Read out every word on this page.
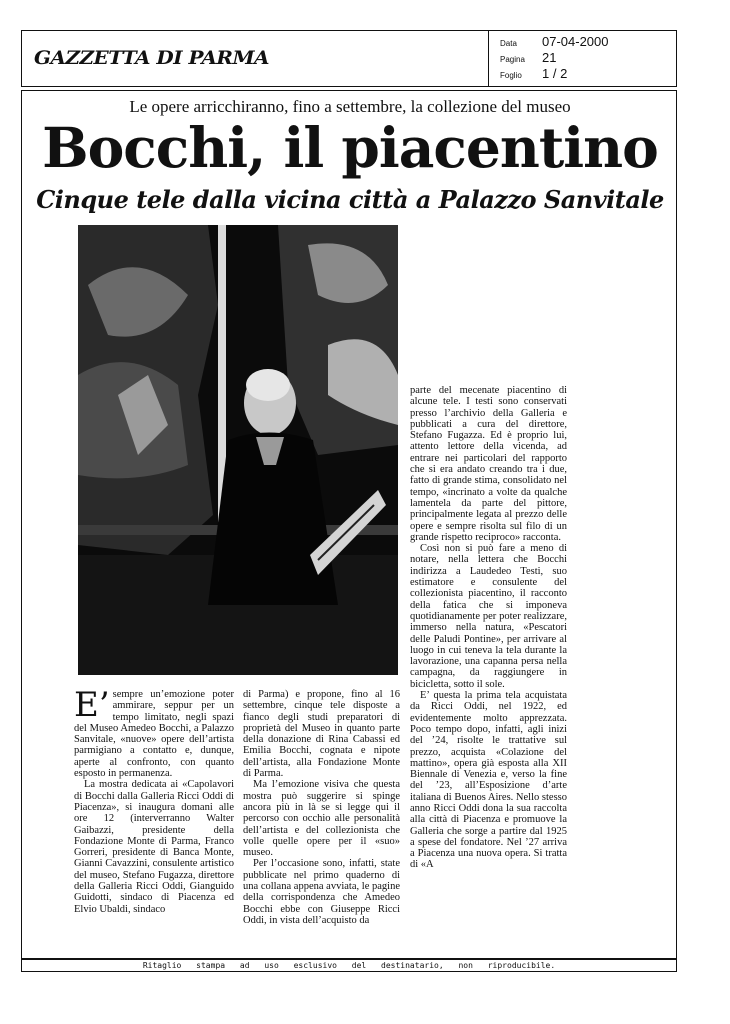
GAZZETTA DI PARMA
Data	07-04-2000
Pagina	21
Foglio	1 / 2
Le opere arricchiranno, fino a settembre, la collezione del museo
Bocchi, il piacentino
Cinque tele dalla vicina città a Palazzo Sanvitale

E’ sempre un’emozione poter ammirare, seppur per un tempo limitato, negli spazi del Museo Amedeo Bocchi, a Palazzo Sanvitale, «nuove» opere dell’artista parmigiano a contatto e, dunque, aperte al confronto, con quanto esposto in permanenza.

La mostra dedicata ai «Capolavori di Bocchi dalla Galleria Ricci Oddi di Piacenza», si inaugura domani alle ore 12 (interverranno Walter Gaibazzi, presidente della Fondazione Monte di Parma, Franco Gorreri, presidente di Banca Monte, Gianni Cavazzini, consulente artistico del museo, Stefano Fugazza, direttore della Galleria Ricci Oddi, Gianguido Guidotti, sindaco di Piacenza ed Elvio Ubaldi, sindaco

di Parma) e propone, fino al 16 settembre, cinque tele disposte a fianco degli studi preparatori di proprietà del Museo in quanto parte della donazione di Rina Cabassi ed Emilia Bocchi, cognata e nipote dell’artista, alla Fondazione Monte di Parma.

Ma l’emozione visiva che questa mostra può suggerire si spinge ancora più in là se si legge qui il percorso con occhio alle personalità dell’artista e del collezionista che volle quelle opere per il «suo» museo.

Per l’occasione sono, infatti, state pubblicate nel primo quaderno di una collana appena avviata, le pagine della corrispondenza che Amedeo Bocchi ebbe con Giuseppe Ricci Oddi, in vista dell’acquisto da

parte del mecenate piacentino di alcune tele. I testi sono conservati presso l’archivio della Galleria e pubblicati a cura del direttore, Stefano Fugazza. Ed è proprio lui, attento lettore della vicenda, ad entrare nei particolari del rapporto che si era andato creando tra i due, fatto di grande stima, consolidato nel tempo, «incrinato a volte da qualche lamentela da parte del pittore, principalmente legata al prezzo delle opere e sempre risolta sul filo di un grande rispetto reciproco» racconta.

Così non si può fare a meno di notare, nella lettera che Bocchi indirizza a Laudedeo Testi, suo estimatore e consulente del collezionista piacentino, il racconto della fatica che si imponeva quotidianamente per poter realizzare, immerso nella natura, «Pescatori delle Paludi Pontine», per arrivare al luogo in cui teneva la tela durante la lavorazione, una capanna persa nella campagna, da raggiungere in bicicletta, sotto il sole.

E’ questa la prima tela acquistata da Ricci Oddi, nel 1922, ed evidentemente molto apprezzata. Poco tempo dopo, infatti, agli inizi del ’24, risolte le trattative sul prezzo, acquista «Colazione del mattino», opera già esposta alla XII Biennale di Venezia e, verso la fine del ’23, all’Esposizione d’arte italiana di Buenos Aires. Nello stesso anno Ricci Oddi dona la sua raccolta alla città di Piacenza e promuove la Galleria che sorge a partire dal 1925 a spese del fondatore. Nel ’27 arriva a Piacenza una nuova opera. Si tratta di «A

Ritaglio stampa ad uso esclusivo del destinatario, non riproducibile.
